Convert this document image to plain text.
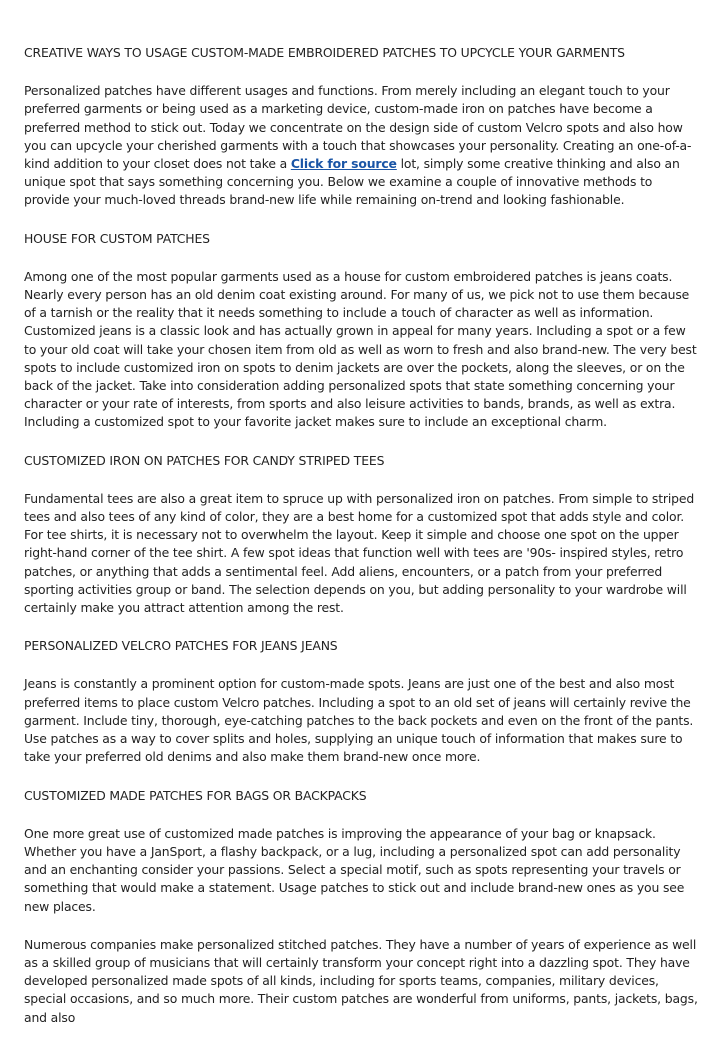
CREATIVE WAYS TO USAGE CUSTOM-MADE EMBROIDERED PATCHES TO UPCYCLE YOUR GARMENTS

Personalized patches have different usages and functions. From merely including an elegant touch to your preferred garments or being used as a marketing device, custom-made iron on patches have become a preferred method to stick out. Today we concentrate on the design side of custom Velcro spots and also how you can upcycle your cherished garments with a touch that showcases your personality. Creating an one-of-a-kind addition to your closet does not take a Click for source lot, simply some creative thinking and also an unique spot that says something concerning you. Below we examine a couple of innovative methods to provide your much-loved threads brand-new life while remaining on-trend and looking fashionable.

HOUSE FOR CUSTOM PATCHES

Among one of the most popular garments used as a house for custom embroidered patches is jeans coats. Nearly every person has an old denim coat existing around. For many of us, we pick not to use them because of a tarnish or the reality that it needs something to include a touch of character as well as information. Customized jeans is a classic look and has actually grown in appeal for many years. Including a spot or a few to your old coat will take your chosen item from old as well as worn to fresh and also brand-new. The very best spots to include customized iron on spots to denim jackets are over the pockets, along the sleeves, or on the back of the jacket. Take into consideration adding personalized spots that state something concerning your character or your rate of interests, from sports and also leisure activities to bands, brands, as well as extra. Including a customized spot to your favorite jacket makes sure to include an exceptional charm.

CUSTOMIZED IRON ON PATCHES FOR CANDY STRIPED TEES

Fundamental tees are also a great item to spruce up with personalized iron on patches. From simple to striped tees and also tees of any kind of color, they are a best home for a customized spot that adds style and color. For tee shirts, it is necessary not to overwhelm the layout. Keep it simple and choose one spot on the upper right-hand corner of the tee shirt. A few spot ideas that function well with tees are '90s- inspired styles, retro patches, or anything that adds a sentimental feel. Add aliens, encounters, or a patch from your preferred sporting activities group or band. The selection depends on you, but adding personality to your wardrobe will certainly make you attract attention among the rest.

PERSONALIZED VELCRO PATCHES FOR JEANS JEANS

Jeans is constantly a prominent option for custom-made spots. Jeans are just one of the best and also most preferred items to place custom Velcro patches. Including a spot to an old set of jeans will certainly revive the garment. Include tiny, thorough, eye-catching patches to the back pockets and even on the front of the pants. Use patches as a way to cover splits and holes, supplying an unique touch of information that makes sure to take your preferred old denims and also make them brand-new once more.

CUSTOMIZED MADE PATCHES FOR BAGS OR BACKPACKS

One more great use of customized made patches is improving the appearance of your bag or knapsack. Whether you have a JanSport, a flashy backpack, or a lug, including a personalized spot can add personality and an enchanting consider your passions. Select a special motif, such as spots representing your travels or something that would make a statement. Usage patches to stick out and include brand-new ones as you see new places.

Numerous companies make personalized stitched patches. They have a number of years of experience as well as a skilled group of musicians that will certainly transform your concept right into a dazzling spot. They have developed personalized made spots of all kinds, including for sports teams, companies, military devices, special occasions, and so much more. Their custom patches are wonderful from uniforms, pants, jackets, bags, and also
